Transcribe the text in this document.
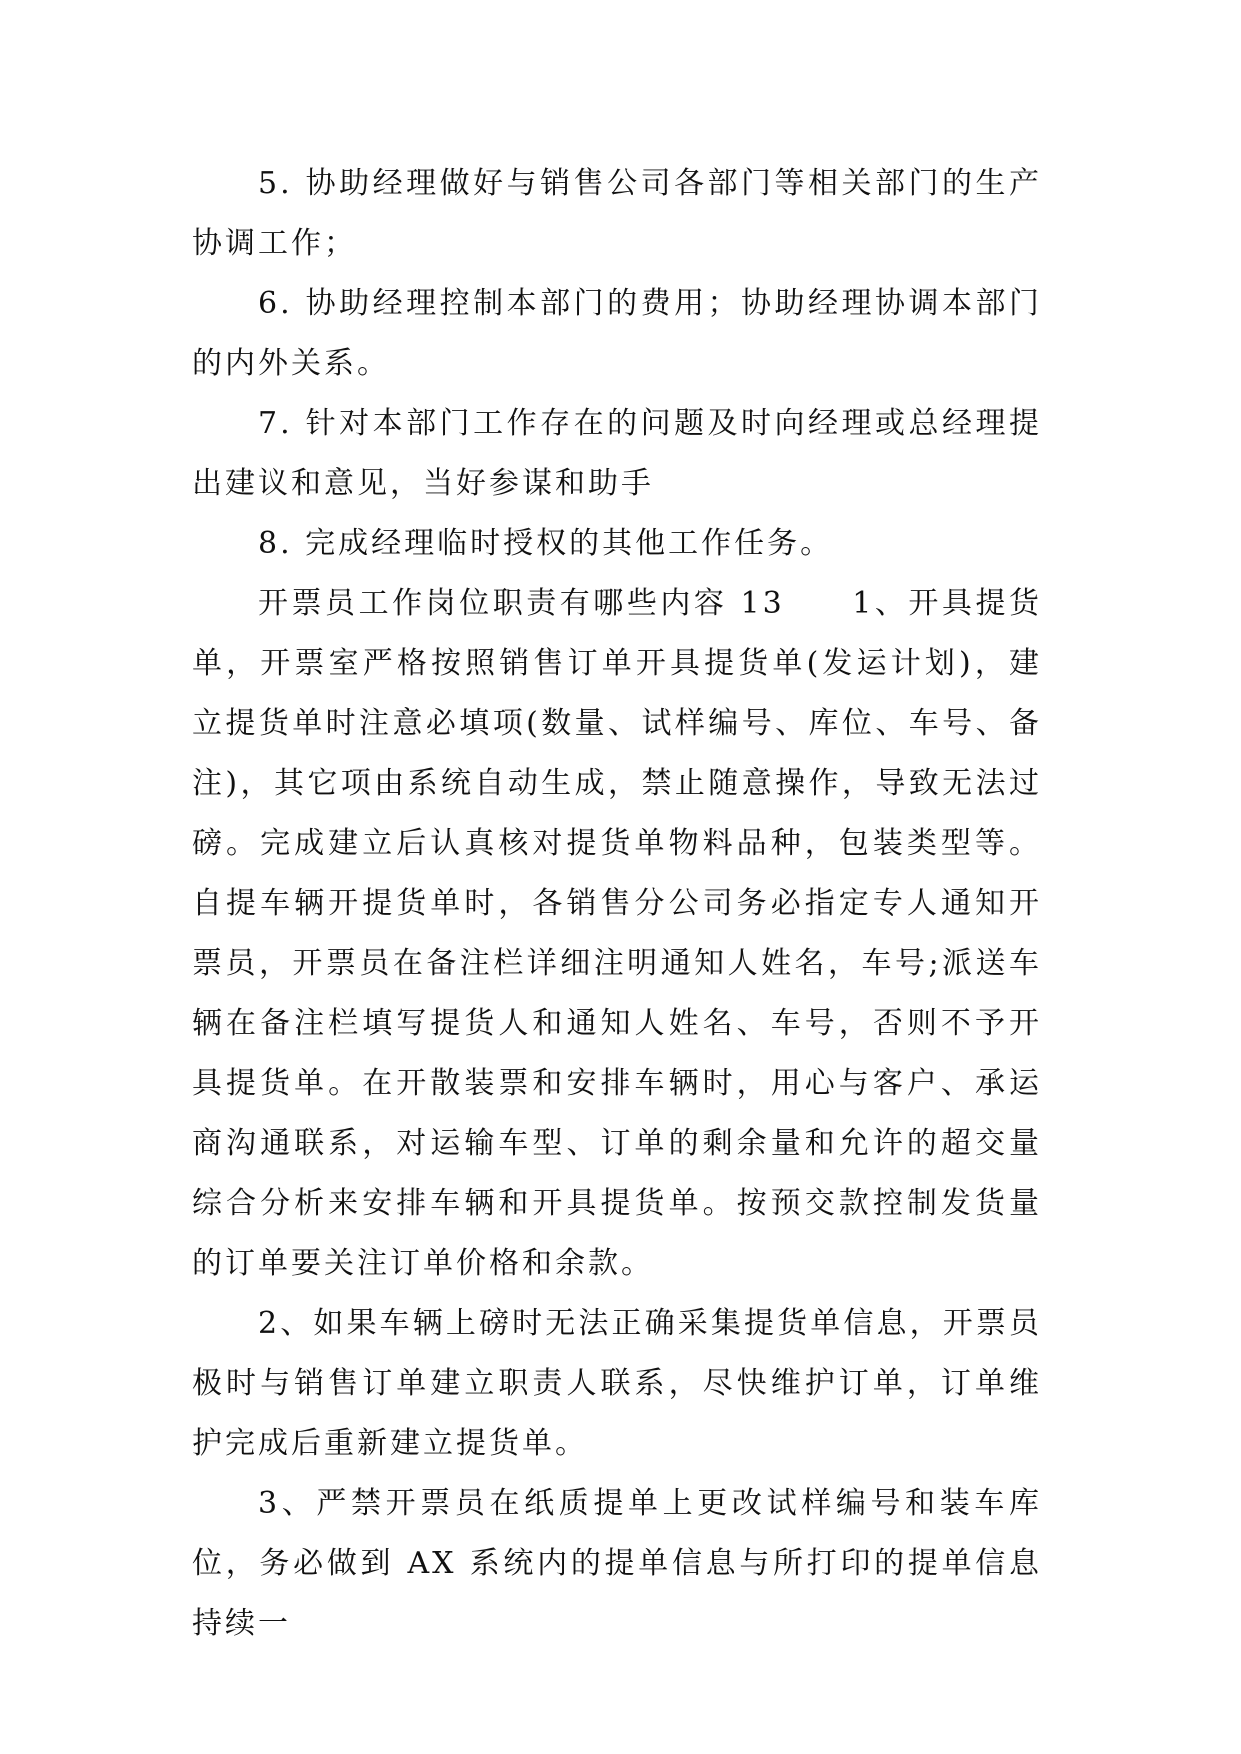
5. 协助经理做好与销售公司各部门等相关部门的生产协调工作；

6. 协助经理控制本部门的费用；协助经理协调本部门的内外关系。

7. 针对本部门工作存在的问题及时向经理或总经理提出建议和意见，当好参谋和助手

8. 完成经理临时授权的其他工作任务。

开票员工作岗位职责有哪些内容 13　　1、开具提货单，开票室严格按照销售订单开具提货单(发运计划)，建立提货单时注意必填项(数量、试样编号、库位、车号、备注)，其它项由系统自动生成，禁止随意操作，导致无法过磅。完成建立后认真核对提货单物料品种，包装类型等。自提车辆开提货单时，各销售分公司务必指定专人通知开票员，开票员在备注栏详细注明通知人姓名，车号;派送车辆在备注栏填写提货人和通知人姓名、车号，否则不予开具提货单。在开散装票和安排车辆时，用心与客户、承运商沟通联系，对运输车型、订单的剩余量和允许的超交量综合分析来安排车辆和开具提货单。按预交款控制发货量的订单要关注订单价格和余款。

2、如果车辆上磅时无法正确采集提货单信息，开票员极时与销售订单建立职责人联系，尽快维护订单，订单维护完成后重新建立提货单。

3、严禁开票员在纸质提单上更改试样编号和装车库位，务必做到 AX 系统内的提单信息与所打印的提单信息持续一
